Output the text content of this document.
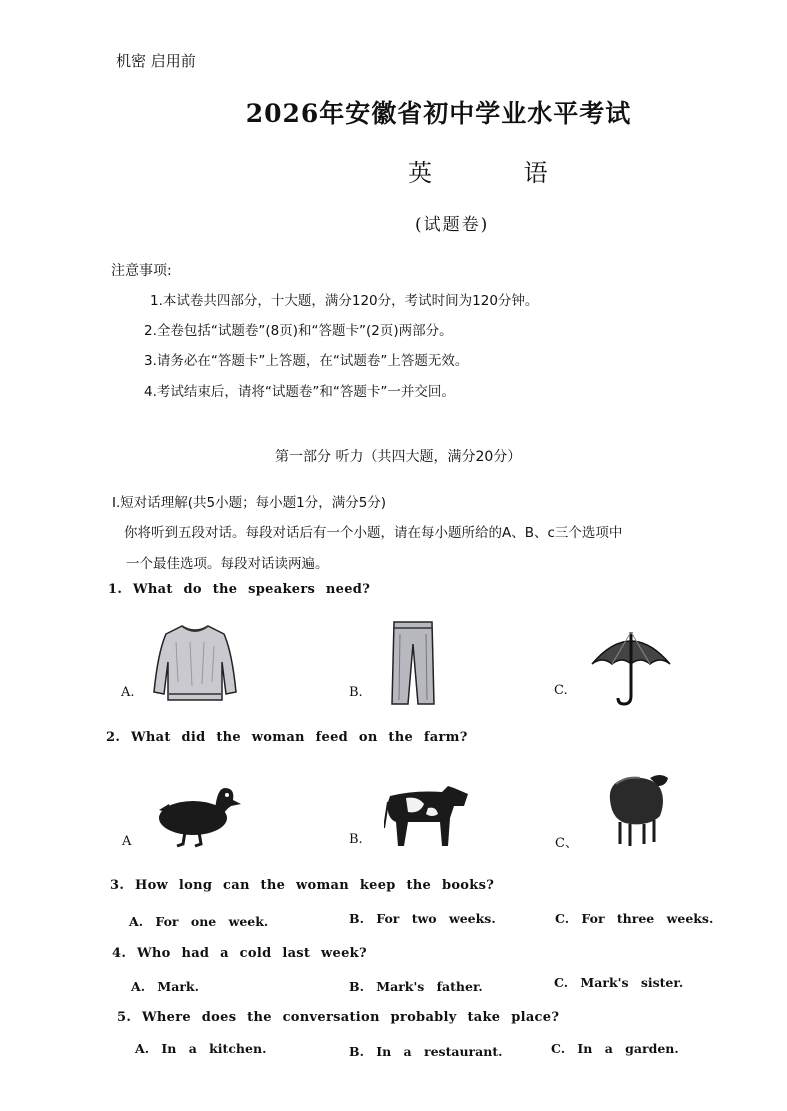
机密 启用前
2026年安徽省初中学业水平考试
英 语
(试题卷)
注意事项:
1.本试卷共四部分，十大题，满分120分，考试时间为120分钟。
2.全卷包括“试题卷”(8页)和“答题卡”(2页)两部分。
3.请务必在“答题卡”上答题，在“试题卷”上答题无效。
4.考试结束后，请将“试题卷”和“答题卡”一并交回。
第一部分 听力（共四大题，满分20分）
I.短对话理解(共5小题；每小题1分，满分5分)
你将听到五段对话。每段对话后有一个小题，请在每小题所给的A、B、c三个选项中
一个最佳选项。每段对话读两遍。
1. What do the speakers need?
A.	B.	C.
2. What did the woman feed on the farm?
A	B.	C、
3. How long can the woman keep the books?
A. For one week.	B. For two weeks.	C. For three weeks.
4. Who had a cold last week?
A. Mark.	B. Mark's father.	C. Mark's sister.
5. Where does the conversation probably take place?
A. In a kitchen.	B. In a restaurant.	C. In a garden.
